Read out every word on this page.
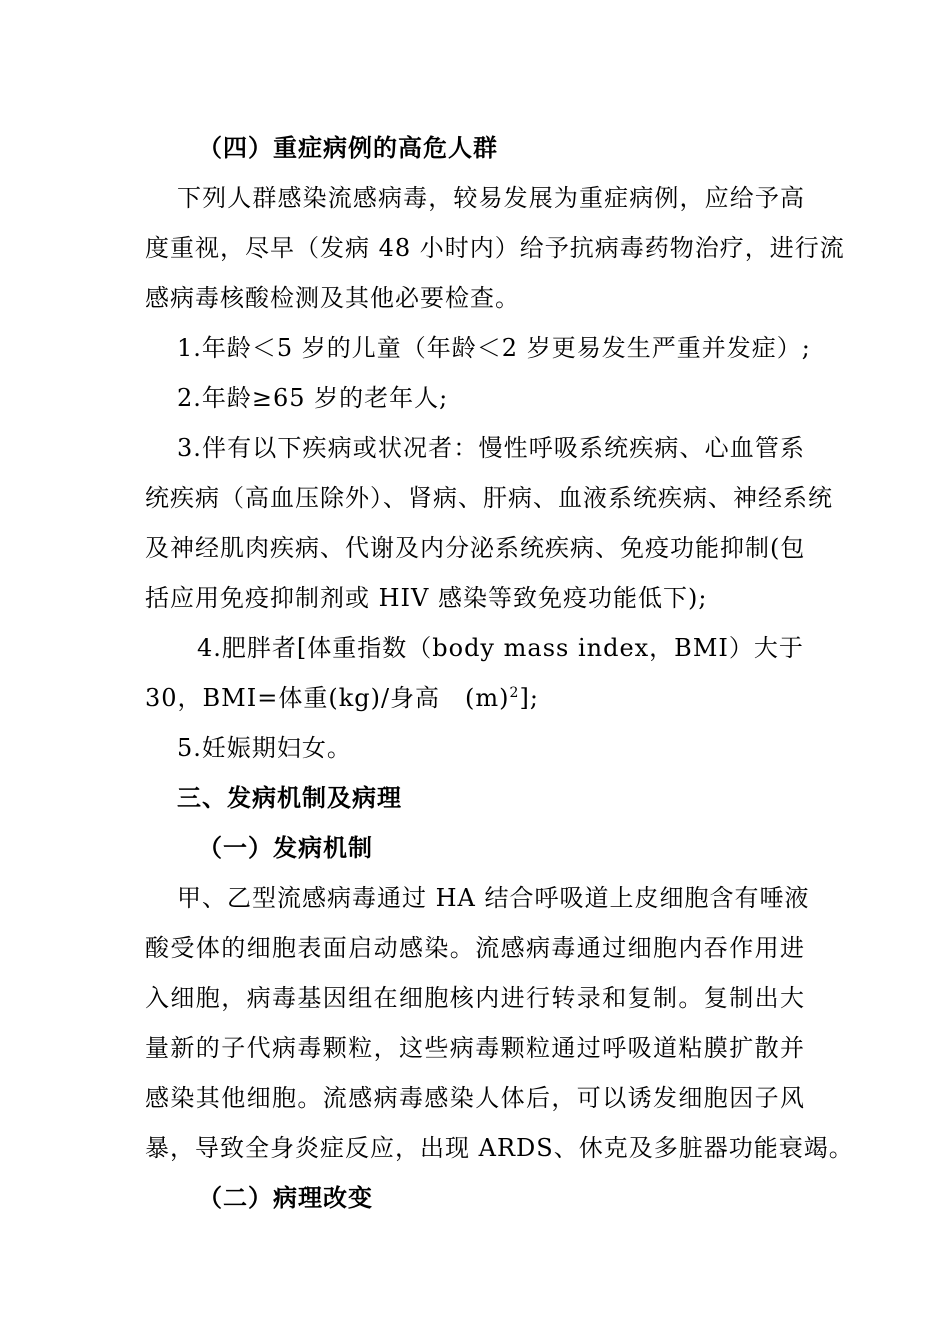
（四）重症病例的高危人群
下列人群感染流感病毒，较易发展为重症病例，应给予高
度重视，尽早（发病 48 小时内）给予抗病毒药物治疗，进行流
感病毒核酸检测及其他必要检查。
1.年龄＜5 岁的儿童（年龄＜2 岁更易发生严重并发症）;
2.年龄≥65 岁的老年人;
3.伴有以下疾病或状况者：慢性呼吸系统疾病、心血管系
统疾病（高血压除外）、肾病、肝病、血液系统疾病、神经系统
及神经肌肉疾病、代谢及内分泌系统疾病、免疫功能抑制(包
括应用免疫抑制剂或 HIV 感染等致免疫功能低下);
4.肥胖者[体重指数（body mass index，BMI）大于
30，BMI=体重(kg)/身高　$(m)^2$];
5.妊娠期妇女。
三、发病机制及病理
（一）发病机制
甲、乙型流感病毒通过 HA 结合呼吸道上皮细胞含有唾液
酸受体的细胞表面启动感染。流感病毒通过细胞内吞作用进
入细胞，病毒基因组在细胞核内进行转录和复制。复制出大
量新的子代病毒颗粒，这些病毒颗粒通过呼吸道粘膜扩散并
感染其他细胞。流感病毒感染人体后，可以诱发细胞因子风
暴，导致全身炎症反应，出现 ARDS、休克及多脏器功能衰竭。
（二）病理改变
